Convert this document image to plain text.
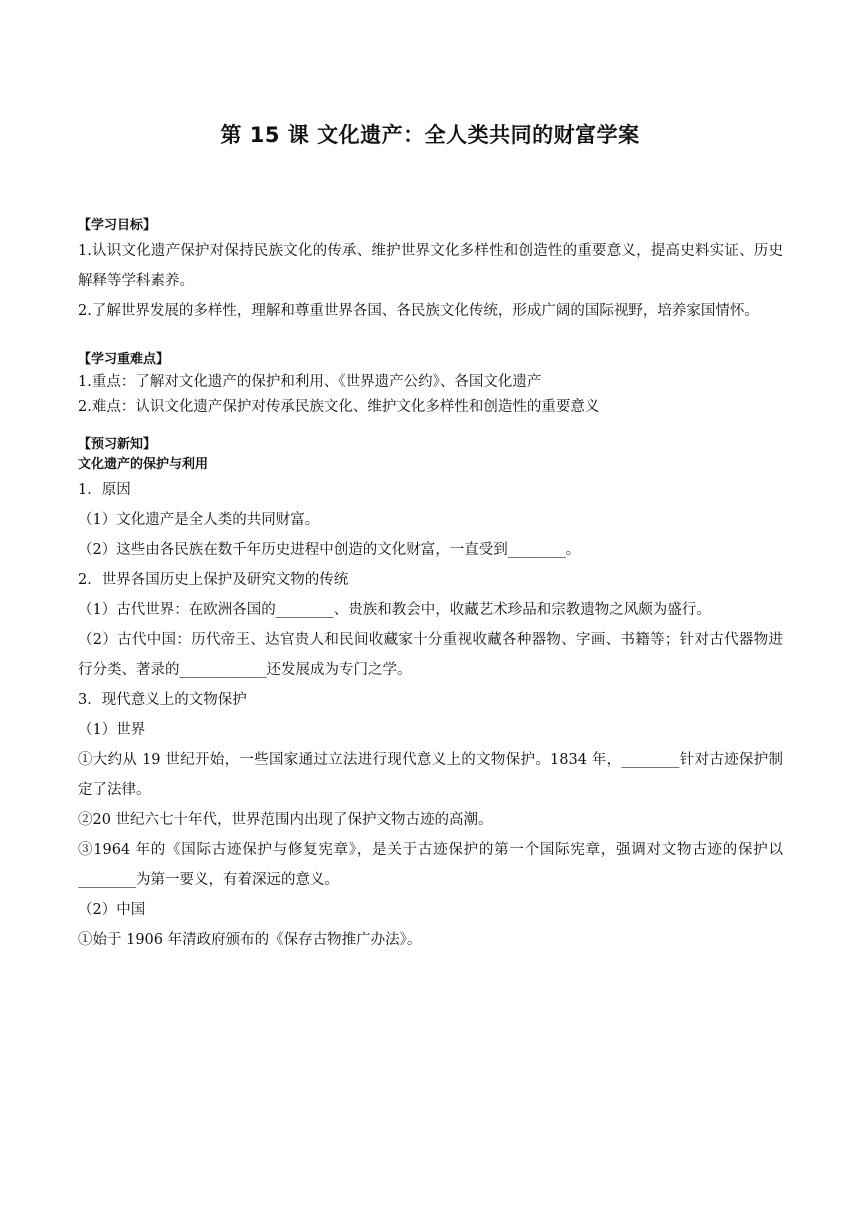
第 15 课 文化遗产：全人类共同的财富学案

【学习目标】

1.认识文化遗产保护对保持民族文化的传承、维护世界文化多样性和创造性的重要意义，提高史料实证、历史解释等学科素养。

2.了解世界发展的多样性，理解和尊重世界各国、各民族文化传统，形成广阔的国际视野，培养家国情怀。

【学习重难点】

1.重点：了解对文化遗产的保护和利用、《世界遗产公约》、各国文化遗产

2.难点：认识文化遗产保护对传承民族文化、维护文化多样性和创造性的重要意义

【预习新知】

文化遗产的保护与利用

1．原因

（1）文化遗产是全人类的共同财富。

（2）这些由各民族在数千年历史进程中创造的文化财富，一直受到________。

2．世界各国历史上保护及研究文物的传统

（1）古代世界：在欧洲各国的________、贵族和教会中，收藏艺术珍品和宗教遗物之风颇为盛行。

（2）古代中国：历代帝王、达官贵人和民间收藏家十分重视收藏各种器物、字画、书籍等；针对古代器物进行分类、著录的____________还发展成为专门之学。

3．现代意义上的文物保护

（1）世界

①大约从 19 世纪开始，一些国家通过立法进行现代意义上的文物保护。1834 年，________针对古迹保护制定了法律。

②20 世纪六七十年代，世界范围内出现了保护文物古迹的高潮。

③1964 年的《国际古迹保护与修复宪章》，是关于古迹保护的第一个国际宪章，强调对文物古迹的保护以________为第一要义，有着深远的意义。

（2）中国

①始于 1906 年清政府颁布的《保存古物推广办法》。
